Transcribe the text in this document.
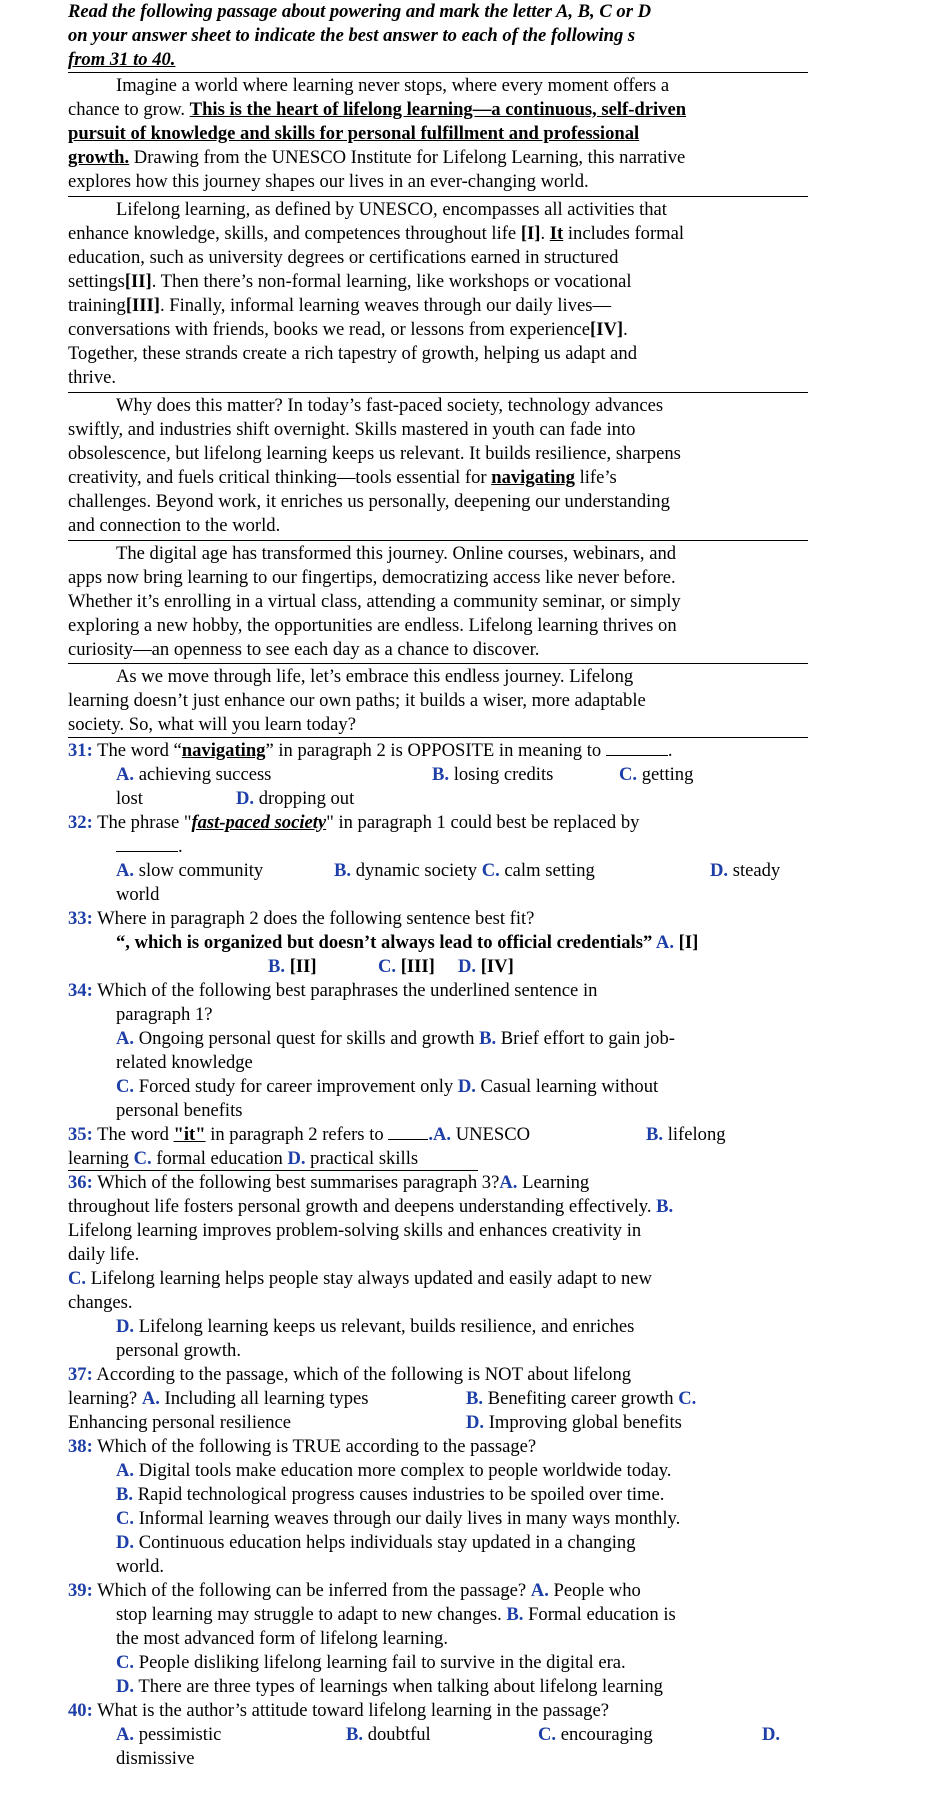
Read the following passage about powering and mark the letter A, B, C or D
on your answer sheet to indicate the best answer to each of the following s
from 31 to 40.
Imagine a world where learning never stops, where every moment offers a
chance to grow. This is the heart of lifelong learning—a continuous, self-driven
pursuit of knowledge and skills for personal fulfillment and professional
growth. Drawing from the UNESCO Institute for Lifelong Learning, this narrative
explores how this journey shapes our lives in an ever-changing world.
Lifelong learning, as defined by UNESCO, encompasses all activities that
enhance knowledge, skills, and competences throughout life [I]. It includes formal
education, such as university degrees or certifications earned in structured
settings[II]. Then there’s non-formal learning, like workshops or vocational
training[III]. Finally, informal learning weaves through our daily lives—
conversations with friends, books we read, or lessons from experience[IV].
Together, these strands create a rich tapestry of growth, helping us adapt and
thrive.
Why does this matter? In today’s fast-paced society, technology advances
swiftly, and industries shift overnight. Skills mastered in youth can fade into
obsolescence, but lifelong learning keeps us relevant. It builds resilience, sharpens
creativity, and fuels critical thinking—tools essential for navigating life’s
challenges. Beyond work, it enriches us personally, deepening our understanding
and connection to the world.
The digital age has transformed this journey. Online courses, webinars, and
apps now bring learning to our fingertips, democratizing access like never before.
Whether it’s enrolling in a virtual class, attending a community seminar, or simply
exploring a new hobby, the opportunities are endless. Lifelong learning thrives on
curiosity—an openness to see each day as a chance to discover.
As we move through life, let’s embrace this endless journey. Lifelong
learning doesn’t just enhance our own paths; it builds a wiser, more adaptable
society. So, what will you learn today?
31: The word “navigating” in paragraph 2 is OPPOSITE in meaning to	.
A. achieving success	B. losing credits	C. getting
lost	D. dropping out
32: The phrase "fast-paced society" in paragraph 1 could best be replaced by
.
A. slow community	B. dynamic society C. calm setting	D. steady
world
33: Where in paragraph 2 does the following sentence best fit?
“, which is organized but doesn’t always lead to official credentials” A. [I]
B. [II]	C. [III] D. [IV]
34: Which of the following best paraphrases the underlined sentence in
paragraph 1?
A. Ongoing personal quest for skills and growth B. Brief effort to gain job-
related knowledge
C. Forced study for career improvement only D. Casual learning without
personal benefits
35: The word "it" in paragraph 2 refers to .A. UNESCO	B. lifelong
learning C. formal education D. practical skills
36: Which of the following best summarises paragraph 3?A. Learning
throughout life fosters personal growth and deepens understanding effectively. B.
Lifelong learning improves problem-solving skills and enhances creativity in
daily life.
C. Lifelong learning helps people stay always updated and easily adapt to new
changes.
D. Lifelong learning keeps us relevant, builds resilience, and enriches
personal growth.
37: According to the passage, which of the following is NOT about lifelong
learning? A. Including all learning types	B. Benefiting career growth C.
Enhancing personal resilience	D. Improving global benefits
38: Which of the following is TRUE according to the passage?
A. Digital tools make education more complex to people worldwide today.
B. Rapid technological progress causes industries to be spoiled over time.
C. Informal learning weaves through our daily lives in many ways monthly.
D. Continuous education helps individuals stay updated in a changing
world.
39: Which of the following can be inferred from the passage? A. People who
stop learning may struggle to adapt to new changes. B. Formal education is
the most advanced form of lifelong learning.
C. People disliking lifelong learning fail to survive in the digital era.
D. There are three types of learnings when talking about lifelong learning
40: What is the author’s attitude toward lifelong learning in the passage?
A. pessimistic	B. doubtful	C. encouraging	D.
dismissive
